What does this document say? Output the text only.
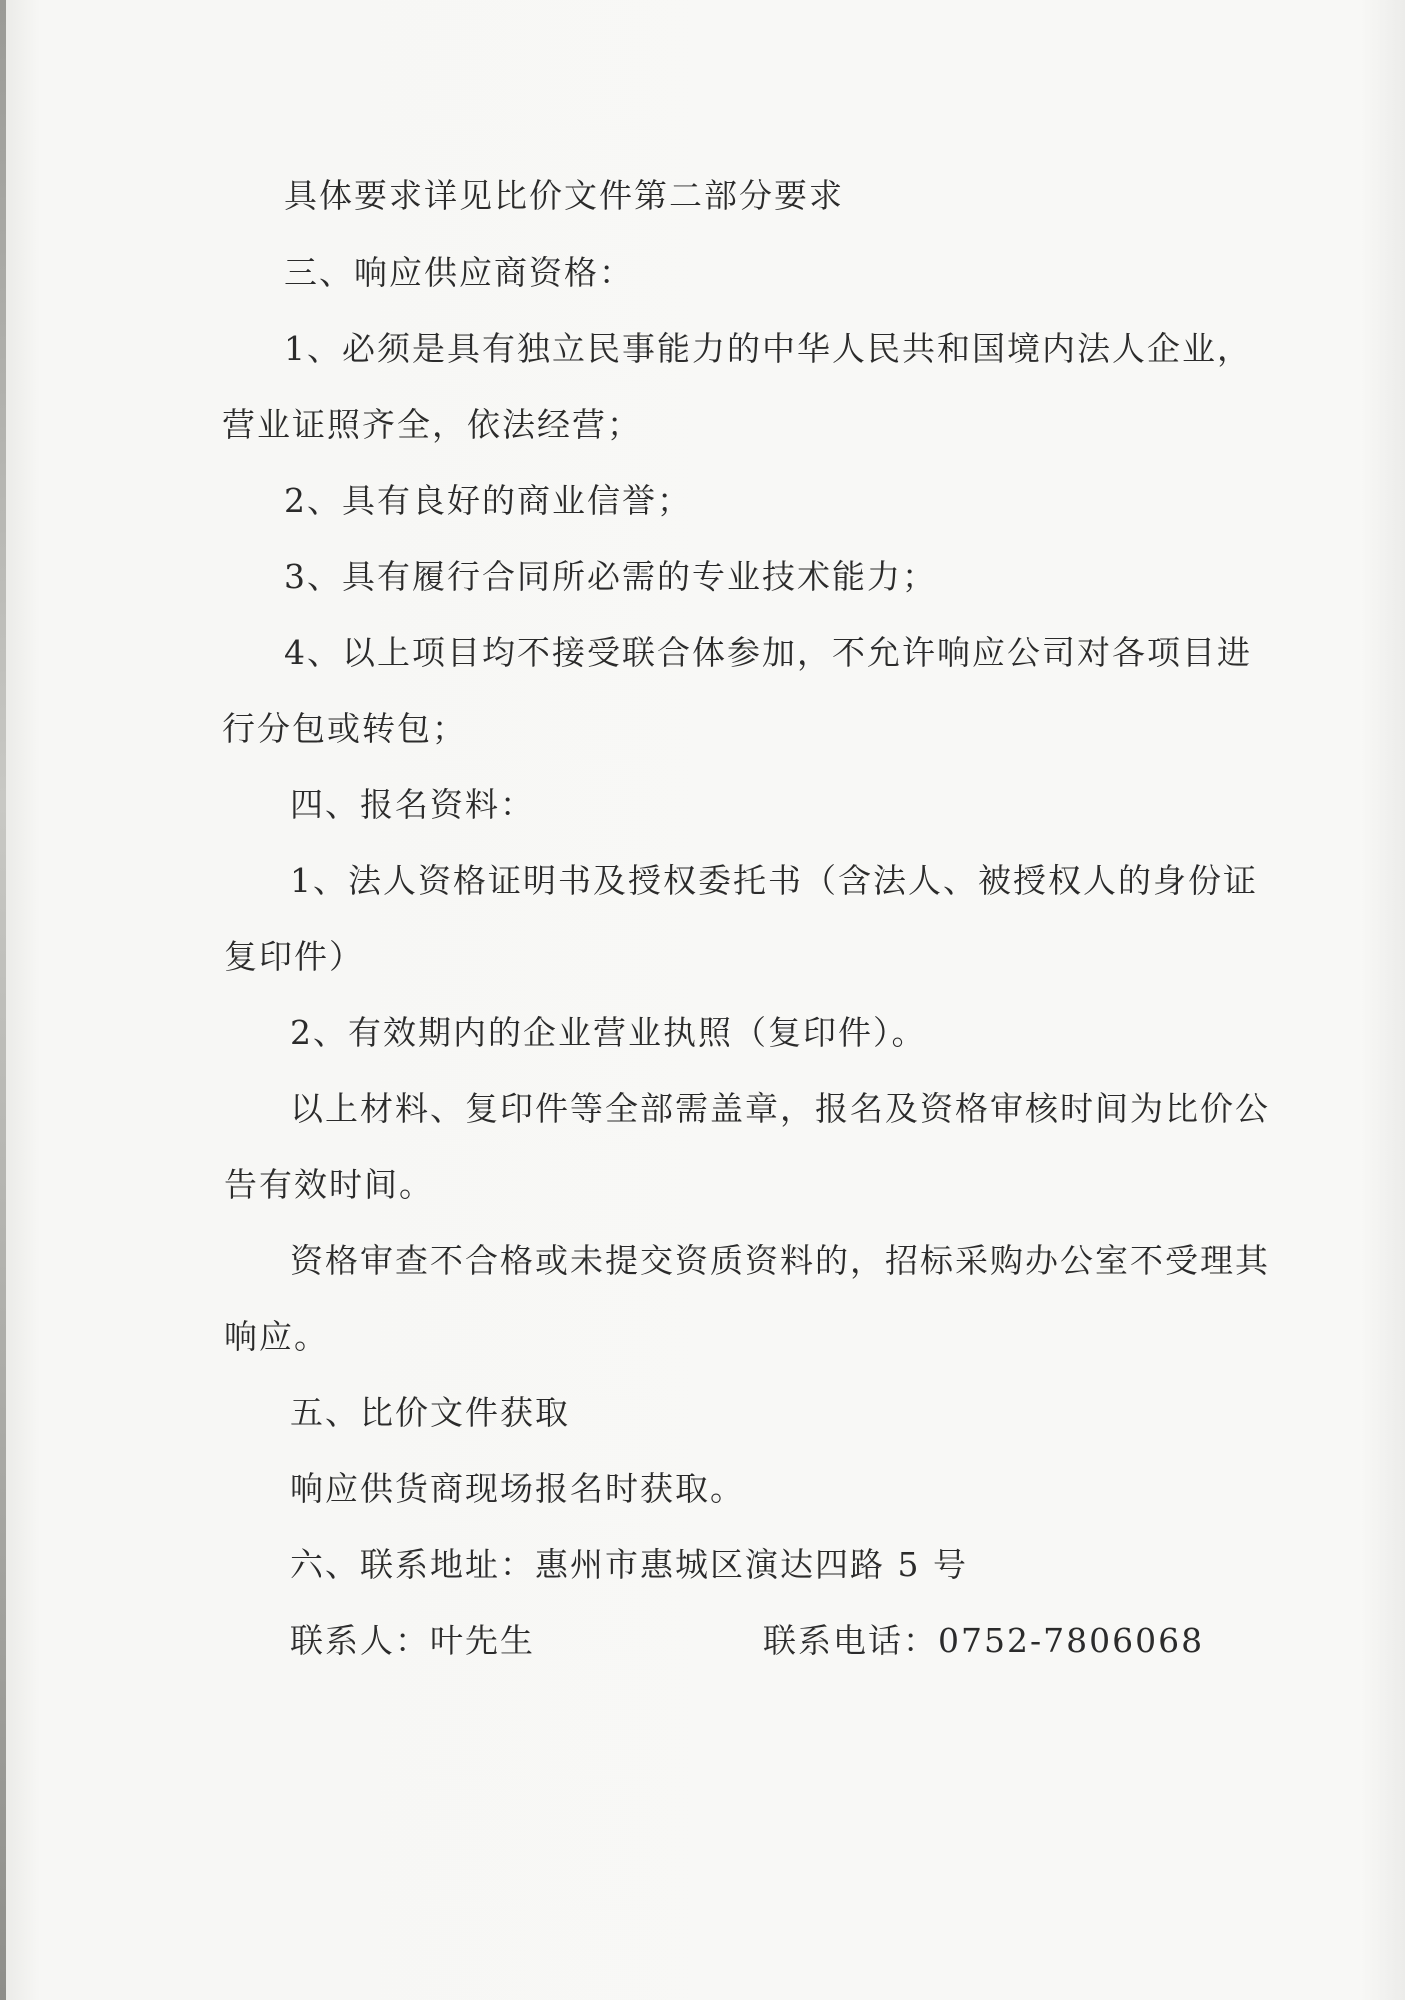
具体要求详见比价文件第二部分要求
三、响应供应商资格：
1、必须是具有独立民事能力的中华人民共和国境内法人企业，
营业证照齐全，依法经营；
2、具有良好的商业信誉；
3、具有履行合同所必需的专业技术能力；
4、以上项目均不接受联合体参加，不允许响应公司对各项目进
行分包或转包；
四、报名资料：
1、法人资格证明书及授权委托书（含法人、被授权人的身份证
复印件）
2、有效期内的企业营业执照（复印件）。
以上材料、复印件等全部需盖章，报名及资格审核时间为比价公
告有效时间。
资格审查不合格或未提交资质资料的，招标采购办公室不受理其
响应。
五、比价文件获取
响应供货商现场报名时获取。
六、联系地址：惠州市惠城区演达四路 5 号
联系人：叶先生	联系电话：0752-7806068
